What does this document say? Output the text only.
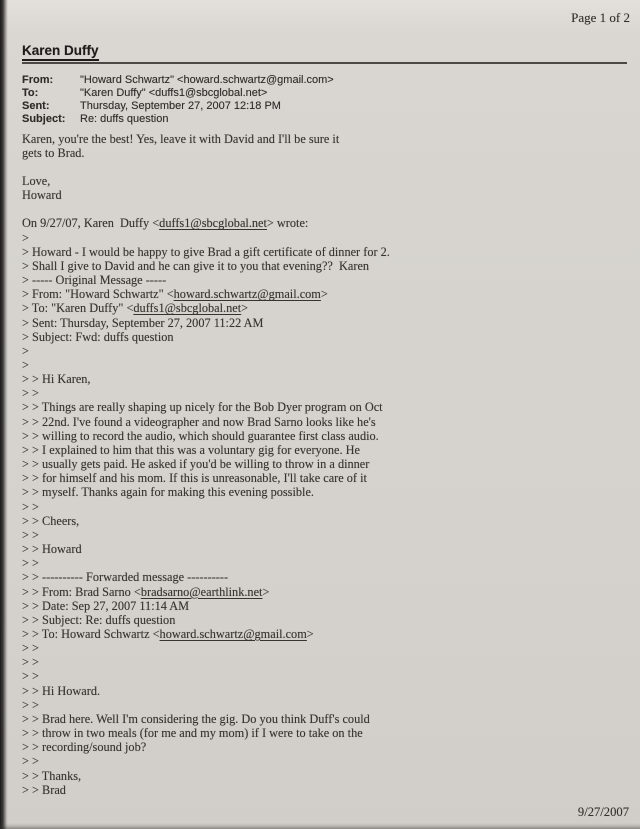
Page 1 of 2
Karen Duffy
From:	"Howard Schwartz" <howard.schwartz@gmail.com>
To:	"Karen Duffy" <duffs1@sbcglobal.net>
Sent:	Thursday, September 27, 2007 12:18 PM
Subject:	Re: duffs question
Karen, you're the best! Yes, leave it with David and I'll be sure it
gets to Brad.

Love,
Howard

On 9/27/07, Karen  Duffy <duffs1@sbcglobal.net> wrote:
>
> Howard - I would be happy to give Brad a gift certificate of dinner for 2.
> Shall I give to David and he can give it to you that evening??  Karen
> ----- Original Message -----
> From: "Howard Schwartz" <howard.schwartz@gmail.com>
> To: "Karen Duffy" <duffs1@sbcglobal.net>
> Sent: Thursday, September 27, 2007 11:22 AM
> Subject: Fwd: duffs question
>
>
> > Hi Karen,
> >
> > Things are really shaping up nicely for the Bob Dyer program on Oct
> > 22nd. I've found a videographer and now Brad Sarno looks like he's
> > willing to record the audio, which should guarantee first class audio.
> > I explained to him that this was a voluntary gig for everyone. He
> > usually gets paid. He asked if you'd be willing to throw in a dinner
> > for himself and his mom. If this is unreasonable, I'll take care of it
> > myself. Thanks again for making this evening possible.
> >
> > Cheers,
> >
> > Howard
> >
> > ---------- Forwarded message ----------
> > From: Brad Sarno <bradsarno@earthlink.net>
> > Date: Sep 27, 2007 11:14 AM
> > Subject: Re: duffs question
> > To: Howard Schwartz <howard.schwartz@gmail.com>
> >
> >
> >
> > Hi Howard.
> >
> > Brad here. Well I'm considering the gig. Do you think Duff's could
> > throw in two meals (for me and my mom) if I were to take on the
> > recording/sound job?
> >
> > Thanks,
> > Brad
9/27/2007
